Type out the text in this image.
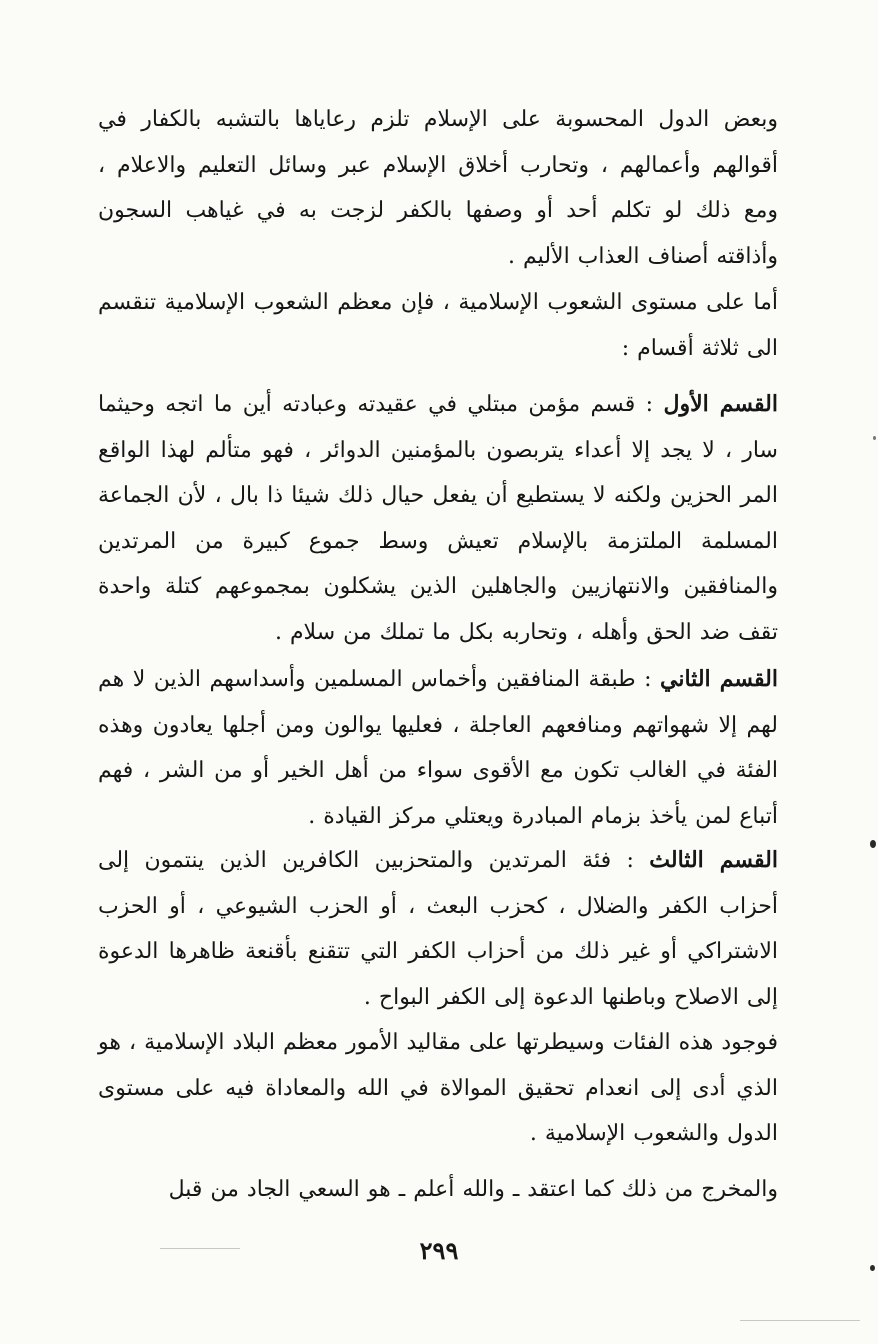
وبعض الدول المحسوبة على الإسلام تلزم رعاياها بالتشبه بالكفار في أقوالهم وأعمالهم ، وتحارب أخلاق الإسلام عبر وسائل التعليم والاعلام ، ومع ذلك لو تكلم أحد أو وصفها بالكفر لزجت به في غياهب السجون وأذاقته أصناف العذاب الأليم .

أما على مستوى الشعوب الإسلامية ، فإن معظم الشعوب الإسلامية تنقسم الى ثلاثة أقسام :

القسم الأول : قسم مؤمن مبتلي في عقيدته وعبادته أين ما اتجه وحيثما سار ، لا يجد إلا أعداء يتربصون بالمؤمنين الدوائر ، فهو متألم لهذا الواقع المر الحزين ولكنه لا يستطيع أن يفعل حيال ذلك شيئا ذا بال ، لأن الجماعة المسلمة الملتزمة بالإسلام تعيش وسط جموع كبيرة من المرتدين والمنافقين والانتهازيين والجاهلين الذين يشكلون بمجموعهم كتلة واحدة تقف ضد الحق وأهله ، وتحاربه بكل ما تملك من سلام .

القسم الثاني : طبقة المنافقين وأخماس المسلمين وأسداسهم الذين لا هم لهم إلا شهواتهم ومنافعهم العاجلة ، فعليها يوالون ومن أجلها يعادون وهذه الفئة في الغالب تكون مع الأقوى سواء من أهل الخير أو من الشر ، فهم أتباع لمن يأخذ بزمام المبادرة ويعتلي مركز القيادة .

القسم الثالث : فئة المرتدين والمتحزبين الكافرين الذين ينتمون إلى أحزاب الكفر والضلال ، كحزب البعث ، أو الحزب الشيوعي ، أو الحزب الاشتراكي أو غير ذلك من أحزاب الكفر التي تتقنع بأقنعة ظاهرها الدعوة إلى الاصلاح وباطنها الدعوة إلى الكفر البواح .

فوجود هذه الفئات وسيطرتها على مقاليد الأمور معظم البلاد الإسلامية ، هو الذي أدى إلى انعدام تحقيق الموالاة في الله والمعاداة فيه على مستوى الدول والشعوب الإسلامية .

والمخرج من ذلك كما اعتقد ـ والله أعلم ـ هو السعي الجاد من قبل

٢٩٩
